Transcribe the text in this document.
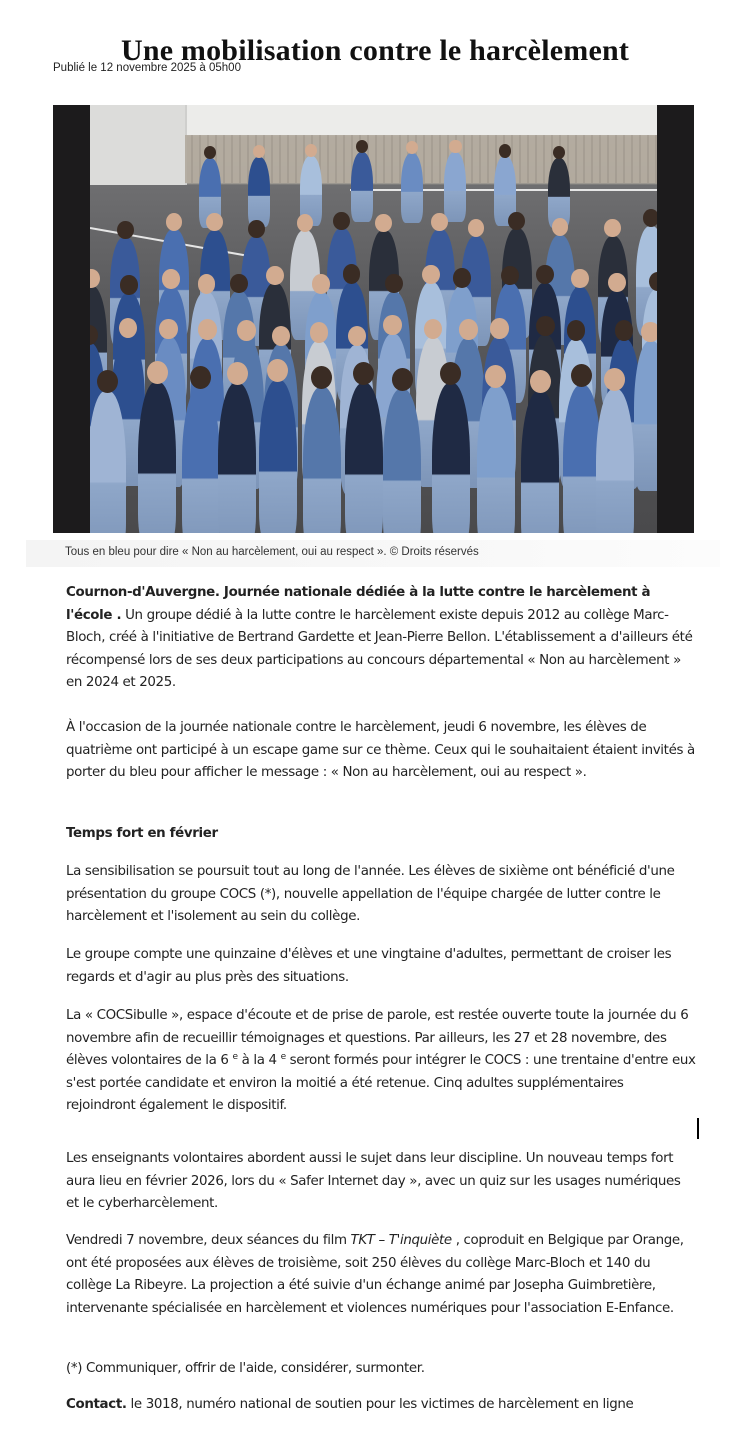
Une mobilisation contre le harcèlement
Publié le 12 novembre 2025 à 05h00
Tous en bleu pour dire « Non au harcèlement, oui au respect ». © Droits réservés

Cournon-d'Auvergne. Journée nationale dédiée à la lutte contre le harcèlement à l'école . Un groupe dédié à la lutte contre le harcèlement existe depuis 2012 au collège Marc-Bloch, créé à l'initiative de Bertrand Gardette et Jean-Pierre Bellon. L'établissement a d'ailleurs été récompensé lors de ses deux participations au concours départemental « Non au harcèlement » en 2024 et 2025.

À l'occasion de la journée nationale contre le harcèlement, jeudi 6 novembre, les élèves de quatrième ont participé à un escape game sur ce thème. Ceux qui le souhaitaient étaient invités à porter du bleu pour afficher le message : « Non au harcèlement, oui au respect ».

Temps fort en février

La sensibilisation se poursuit tout au long de l'année. Les élèves de sixième ont bénéficié d'une présentation du groupe COCS (*), nouvelle appellation de l'équipe chargée de lutter contre le harcèlement et l'isolement au sein du collège.

Le groupe compte une quinzaine d'élèves et une vingtaine d'adultes, permettant de croiser les regards et d'agir au plus près des situations.

La « COCSibulle », espace d'écoute et de prise de parole, est restée ouverte toute la journée du 6 novembre afin de recueillir témoignages et questions. Par ailleurs, les 27 et 28 novembre, des élèves volontaires de la 6 $^e$ à la 4 $^e$ seront formés pour intégrer le COCS : une trentaine d'entre eux s'est portée candidate et environ la moitié a été retenue. Cinq adultes supplémentaires rejoindront également le dispositif.

Les enseignants volontaires abordent aussi le sujet dans leur discipline. Un nouveau temps fort aura lieu en février 2026, lors du « Safer Internet day », avec un quiz sur les usages numériques et le cyberharcèlement.

Vendredi 7 novembre, deux séances du film TKT – T'inquiète , coproduit en Belgique par Orange, ont été proposées aux élèves de troisième, soit 250 élèves du collège Marc-Bloch et 140 du collège La Ribeyre. La projection a été suivie d'un échange animé par Josepha Guimbretière, intervenante spécialisée en harcèlement et violences numériques pour l'association E-Enfance.

(*) Communiquer, offrir de l'aide, considérer, surmonter.

Contact. le 3018, numéro national de soutien pour les victimes de harcèlement en ligne
